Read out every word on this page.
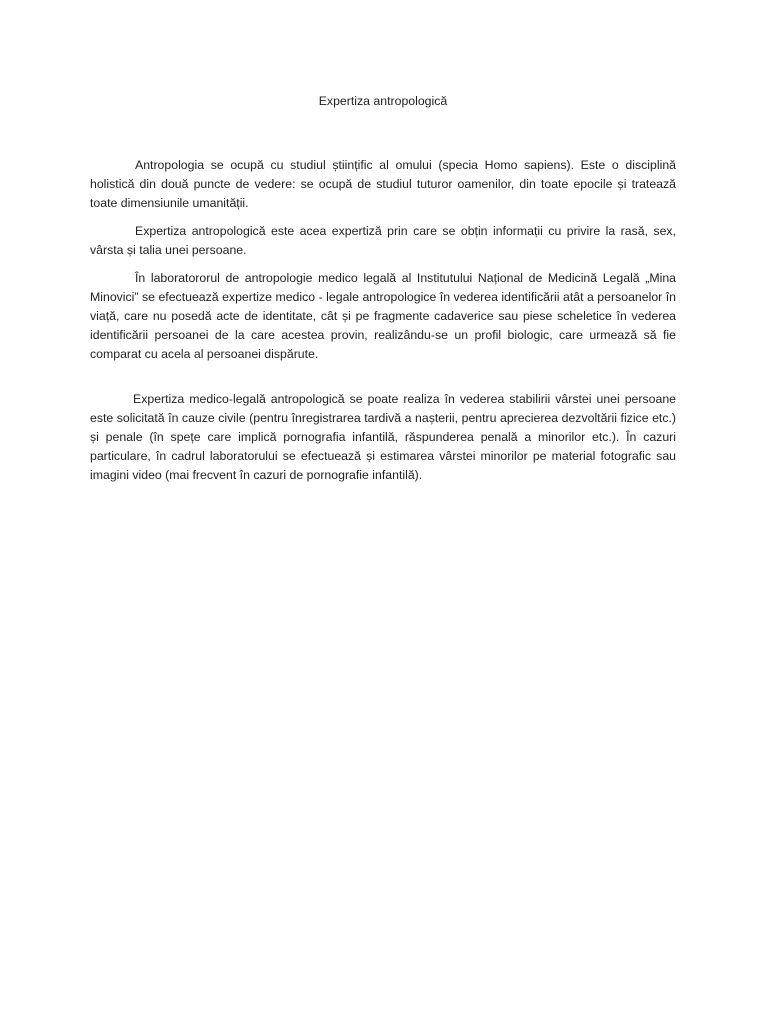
Expertiza antropologică

Antropologia se ocupă cu studiul științific al omului (specia Homo sapiens). Este o disciplină holistică din două puncte de vedere: se ocupă de studiul tuturor oamenilor, din toate epocile și tratează toate dimensiunile umanității.

Expertiza antropologică este acea expertiză prin care se obțin informații cu privire la rasă, sex, vârsta și talia unei persoane.

În laboratororul de antropologie medico legală al Institutului Național de Medicină Legală „Mina Minovici” se efectuează expertize medico - legale antropologice în vederea identificării atât a persoanelor în viață, care nu posedă acte de identitate, cât și pe fragmente cadaverice sau piese scheletice în vederea identificării persoanei de la care acestea provin, realizându-se un profil biologic, care urmează să fie comparat cu acela al persoanei dispărute.

Expertiza medico-legală antropologică se poate realiza în vederea stabilirii vârstei unei persoane este solicitată în cauze civile (pentru înregistrarea tardivă a nașterii, pentru aprecierea dezvoltării fizice etc.) și penale (în spețe care implică pornografia infantilă, răspunderea penală a minorilor etc.). În cazuri particulare, în cadrul laboratorului se efectuează și estimarea vârstei minorilor pe material fotografic sau imagini video (mai frecvent în cazuri de pornografie infantilă).
